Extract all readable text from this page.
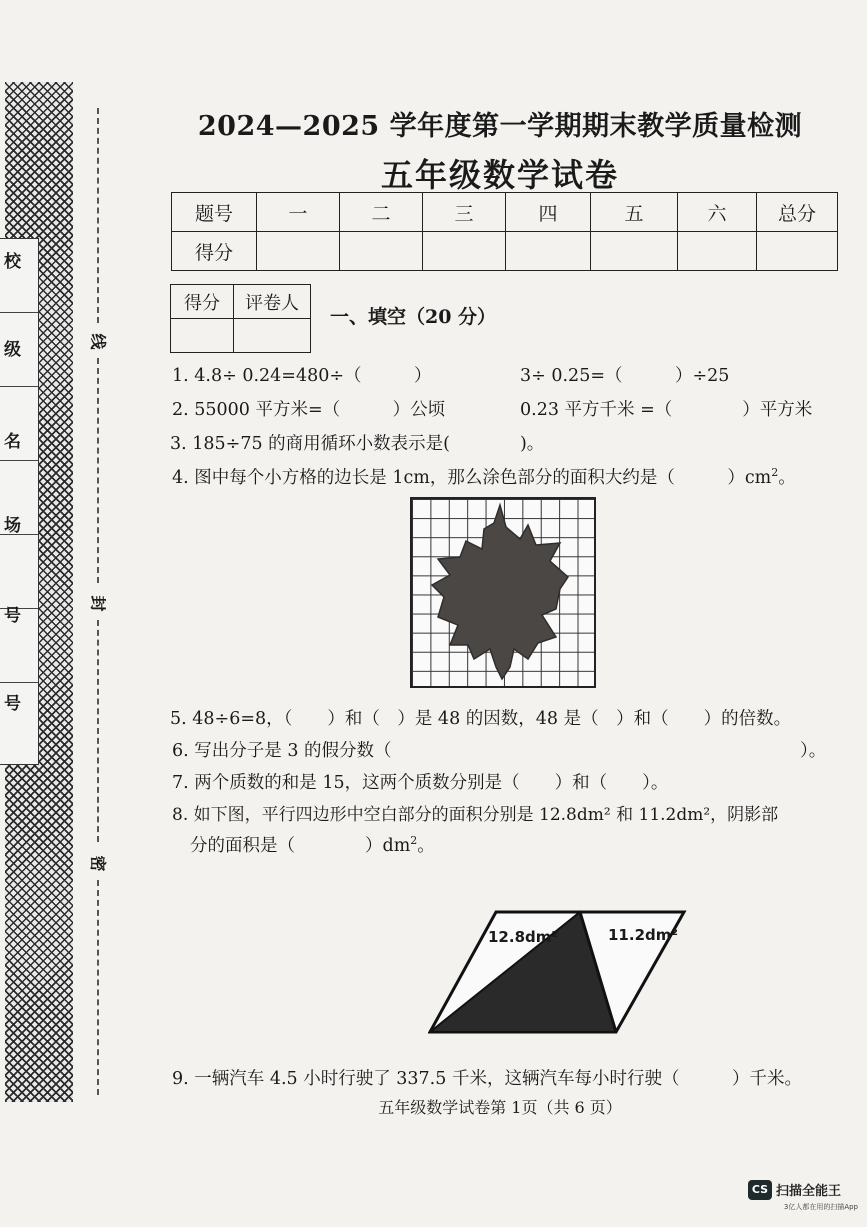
校
级
名
场
号
号
线
封
密
2024—2025 学年度第一学期期末教学质量检测
五年级数学试卷
题号	一	二	三	四	五	六	总分
得分							
得分	评卷人

一、填空（20 分）
1. 4.8÷ 0.24=480÷（　　　）	3÷ 0.25=（　　　）÷25
2. 55000 平方米=（　　　）公顷	0.23 平方千米 =（　　　　）平方米
3. 185÷75 的商用循环小数表示是(　　　　)。
4. 图中每个小方格的边长是 1cm，那么涂色部分的面积大约是（　　　）$cm^2$。
5. 48÷6=8，（　　）和（　）是 48 的因数，48 是（　）和（　　）的倍数。
6. 写出分子是 3 的假分数（	）。
7. 两个质数的和是 15，这两个质数分别是（　　）和（　　）。
8. 如下图，平行四边形中空白部分的面积分别是 12.8dm² 和 11.2dm²，阴影部
分的面积是（　　　　）$dm^2$。
12.8dm²	11.2dm²
9. 一辆汽车 4.5 小时行驶了 337.5 千米，这辆汽车每小时行驶（　　　）千米。
五年级数学试卷第 1页（共 6 页）
CS 扫描全能王
3亿人都在用的扫描App
